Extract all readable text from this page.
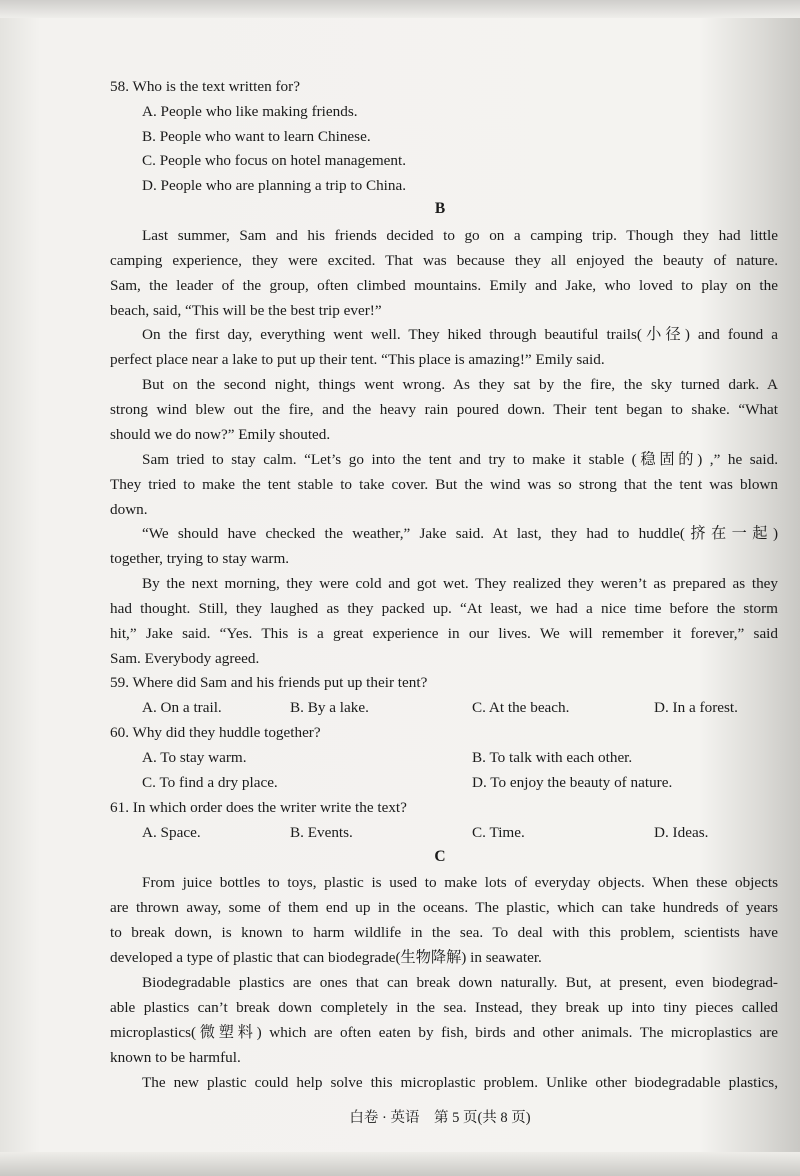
58. Who is the text written for?
A. People who like making friends.
B. People who want to learn Chinese.
C. People who focus on hotel management.
D. People who are planning a trip to China.
B
Last summer, Sam and his friends decided to go on a camping trip. Though they had little
camping experience, they were excited. That was because they all enjoyed the beauty of nature.
Sam, the leader of the group, often climbed mountains. Emily and Jake, who loved to play on the
beach, said, “This will be the best trip ever!”
On the first day, everything went well. They hiked through beautiful trails(小径) and found a
perfect place near a lake to put up their tent. “This place is amazing!” Emily said.
But on the second night, things went wrong. As they sat by the fire, the sky turned dark. A
strong wind blew out the fire, and the heavy rain poured down. Their tent began to shake. “What
should we do now?” Emily shouted.
Sam tried to stay calm. “Let’s go into the tent and try to make it stable (稳固的) ,” he said.
They tried to make the tent stable to take cover. But the wind was so strong that the tent was blown
down.
“We should have checked the weather,” Jake said. At last, they had to huddle(挤在一起)
together, trying to stay warm.
By the next morning, they were cold and got wet. They realized they weren’t as prepared as they
had thought. Still, they laughed as they packed up. “At least, we had a nice time before the storm
hit,” Jake said. “Yes. This is a great experience in our lives. We will remember it forever,” said
Sam. Everybody agreed.
59. Where did Sam and his friends put up their tent?
A. On a trail.	B. By a lake.	C. At the beach.	D. In a forest.
60. Why did they huddle together?
A. To stay warm.	B. To talk with each other.
C. To find a dry place.	D. To enjoy the beauty of nature.
61. In which order does the writer write the text?
A. Space.	B. Events.	C. Time.	D. Ideas.
C
From juice bottles to toys, plastic is used to make lots of everyday objects. When these objects
are thrown away, some of them end up in the oceans. The plastic, which can take hundreds of years
to break down, is known to harm wildlife in the sea. To deal with this problem, scientists have
developed a type of plastic that can biodegrade(生物降解) in seawater.
Biodegradable plastics are ones that can break down naturally. But, at present, even biodegrad-
able plastics can’t break down completely in the sea. Instead, they break up into tiny pieces called
microplastics(微塑料) which are often eaten by fish, birds and other animals. The microplastics are
known to be harmful.
The new plastic could help solve this microplastic problem. Unlike other biodegradable plastics,
白卷 · 英语　第 5 页(共 8 页)
